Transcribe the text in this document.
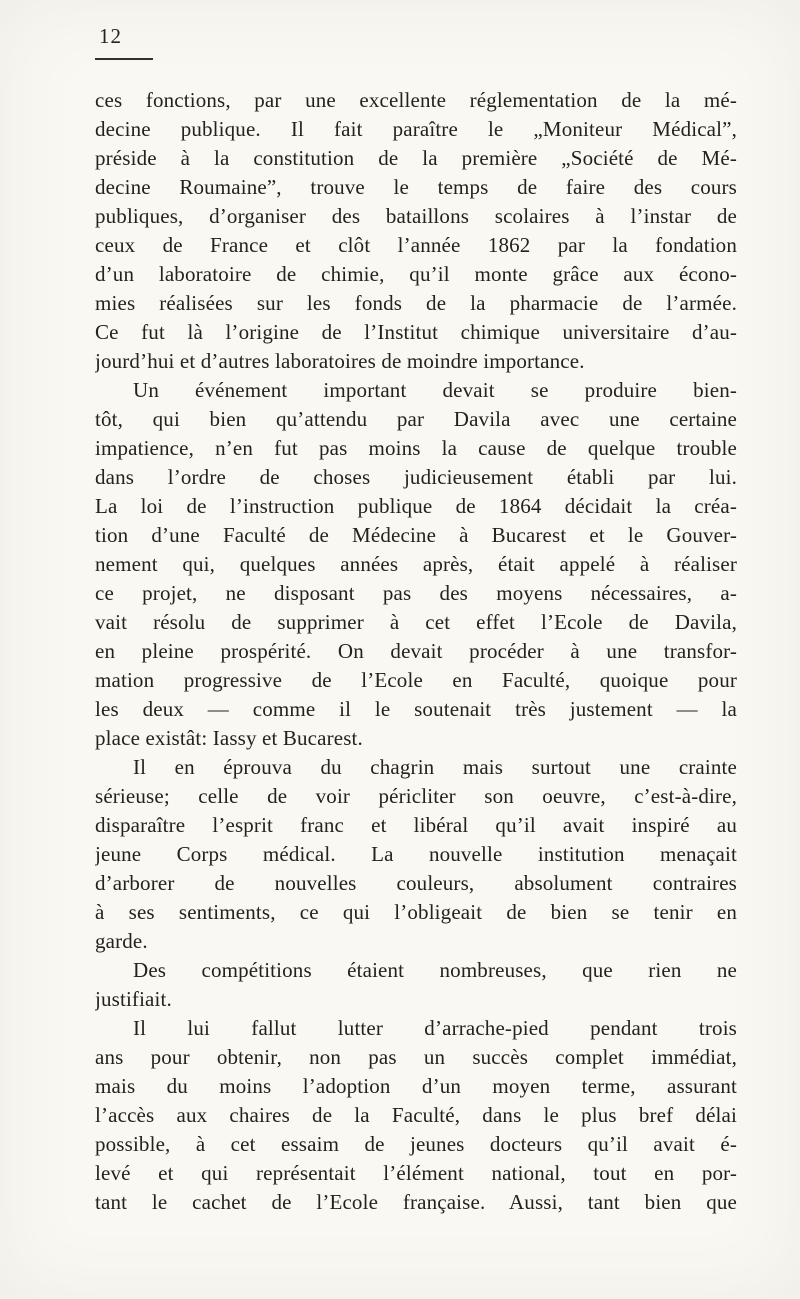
12
ces fonctions, par une excellente réglementation de la mé-
decine publique. Il fait paraître le „Moniteur Médical”,
préside à la constitution de la première „Société de Mé-
decine Roumaine”, trouve le temps de faire des cours
publiques, d’organiser des bataillons scolaires à l’instar de
ceux de France et clôt l’année 1862 par la fondation
d’un laboratoire de chimie, qu’il monte grâce aux écono-
mies réalisées sur les fonds de la pharmacie de l’armée.
Ce fut là l’origine de l’Institut chimique universitaire d’au-
jourd’hui et d’autres laboratoires de moindre importance.
Un événement important devait se produire bien-
tôt, qui bien qu’attendu par Davila avec une certaine
impatience, n’en fut pas moins la cause de quelque trouble
dans l’ordre de choses judicieusement établi par lui.
La loi de l’instruction publique de 1864 décidait la créa-
tion d’une Faculté de Médecine à Bucarest et le Gouver-
nement qui, quelques années après, était appelé à réaliser
ce projet, ne disposant pas des moyens nécessaires, a-
vait résolu de supprimer à cet effet l’Ecole de Davila,
en pleine prospérité. On devait procéder à une transfor-
mation progressive de l’Ecole en Faculté, quoique pour
les deux — comme il le soutenait très justement — la
place existât: Iassy et Bucarest.
Il en éprouva du chagrin mais surtout une crainte
sérieuse; celle de voir péricliter son oeuvre, c’est-à-dire,
disparaître l’esprit franc et libéral qu’il avait inspiré au
jeune Corps médical. La nouvelle institution menaçait
d’arborer de nouvelles couleurs, absolument contraires
à ses sentiments, ce qui l’obligeait de bien se tenir en
garde.
Des compétitions étaient nombreuses, que rien ne
justifiait.
Il lui fallut lutter d’arrache-pied pendant trois
ans pour obtenir, non pas un succès complet immédiat,
mais du moins l’adoption d’un moyen terme, assurant
l’accès aux chaires de la Faculté, dans le plus bref délai
possible, à cet essaim de jeunes docteurs qu’il avait é-
levé et qui représentait l’élément national, tout en por-
tant le cachet de l’Ecole française. Aussi, tant bien que
